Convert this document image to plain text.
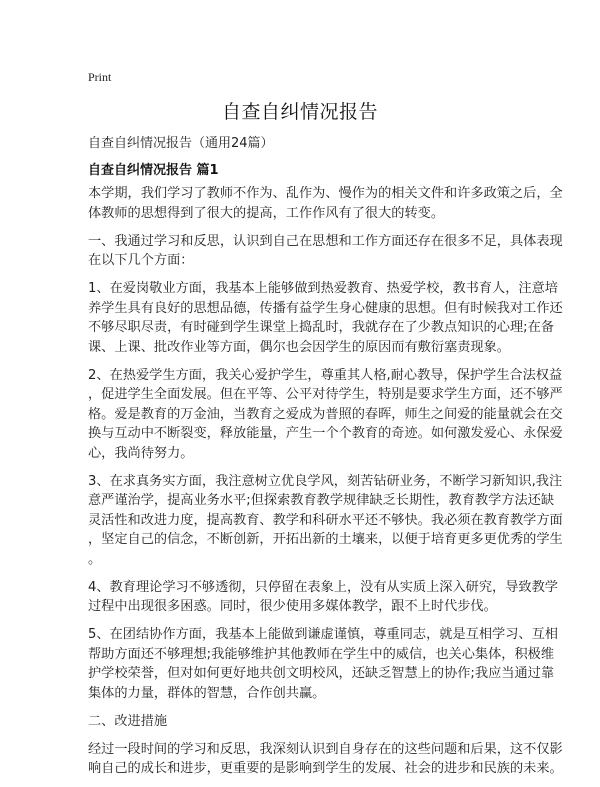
Print
自查自纠情况报告
自查自纠情况报告（通用24篇）
自查自纠情况报告 篇1

本学期，我们学习了教师不作为、乱作为、慢作为的相关文件和许多政策之后，全
体教师的思想得到了很大的提高，工作作风有了很大的转变。

一、我通过学习和反思，认识到自己在思想和工作方面还存在很多不足，具体表现
在以下几个方面：

1、在爱岗敬业方面，我基本上能够做到热爱教育、热爱学校，教书育人，注意培
养学生具有良好的思想品德，传播有益学生身心健康的思想。但有时候我对工作还
不够尽职尽责，有时碰到学生课堂上捣乱时，我就存在了少教点知识的心理;在备
课、上课、批改作业等方面，偶尔也会因学生的原因而有敷衍塞责现象。

2、在热爱学生方面，我关心爱护学生，尊重其人格,耐心教导，保护学生合法权益
，促进学生全面发展。但在平等、公平对待学生，特别是要求学生方面，还不够严
格。爱是教育的万金油，当教育之爱成为普照的春晖，师生之间爱的能量就会在交
换与互动中不断裂变，释放能量，产生一个个教育的奇迹。如何激发爱心、永保爱
心，我尚待努力。

3、在求真务实方面，我注意树立优良学风，刻苦钻研业务，不断学习新知识,我注
意严谨治学，提高业务水平;但探索教育教学规律缺乏长期性，教育教学方法还缺
灵活性和改进力度，提高教育、教学和科研水平还不够快。我必须在教育教学方面
，坚定自己的信念，不断创新，开拓出新的土壤来，以便于培育更多更优秀的学生
。

4、教育理论学习不够透彻，只停留在表象上，没有从实质上深入研究，导致教学
过程中出现很多困惑。同时，很少使用多媒体教学，跟不上时代步伐。

5、在团结协作方面，我基本上能做到谦虚谨慎，尊重同志，就是互相学习、互相
帮助方面还不够理想;我能够维护其他教师在学生中的威信，也关心集体，积极维
护学校荣誉，但对如何更好地共创文明校风，还缺乏智慧上的协作;我应当通过靠
集体的力量，群体的智慧，合作创共赢。

二、改进措施

经过一段时间的学习和反思，我深刻认识到自身存在的这些问题和后果，这不仅影
响自己的成长和进步，更重要的是影响到学生的发展、社会的进步和民族的未来。
